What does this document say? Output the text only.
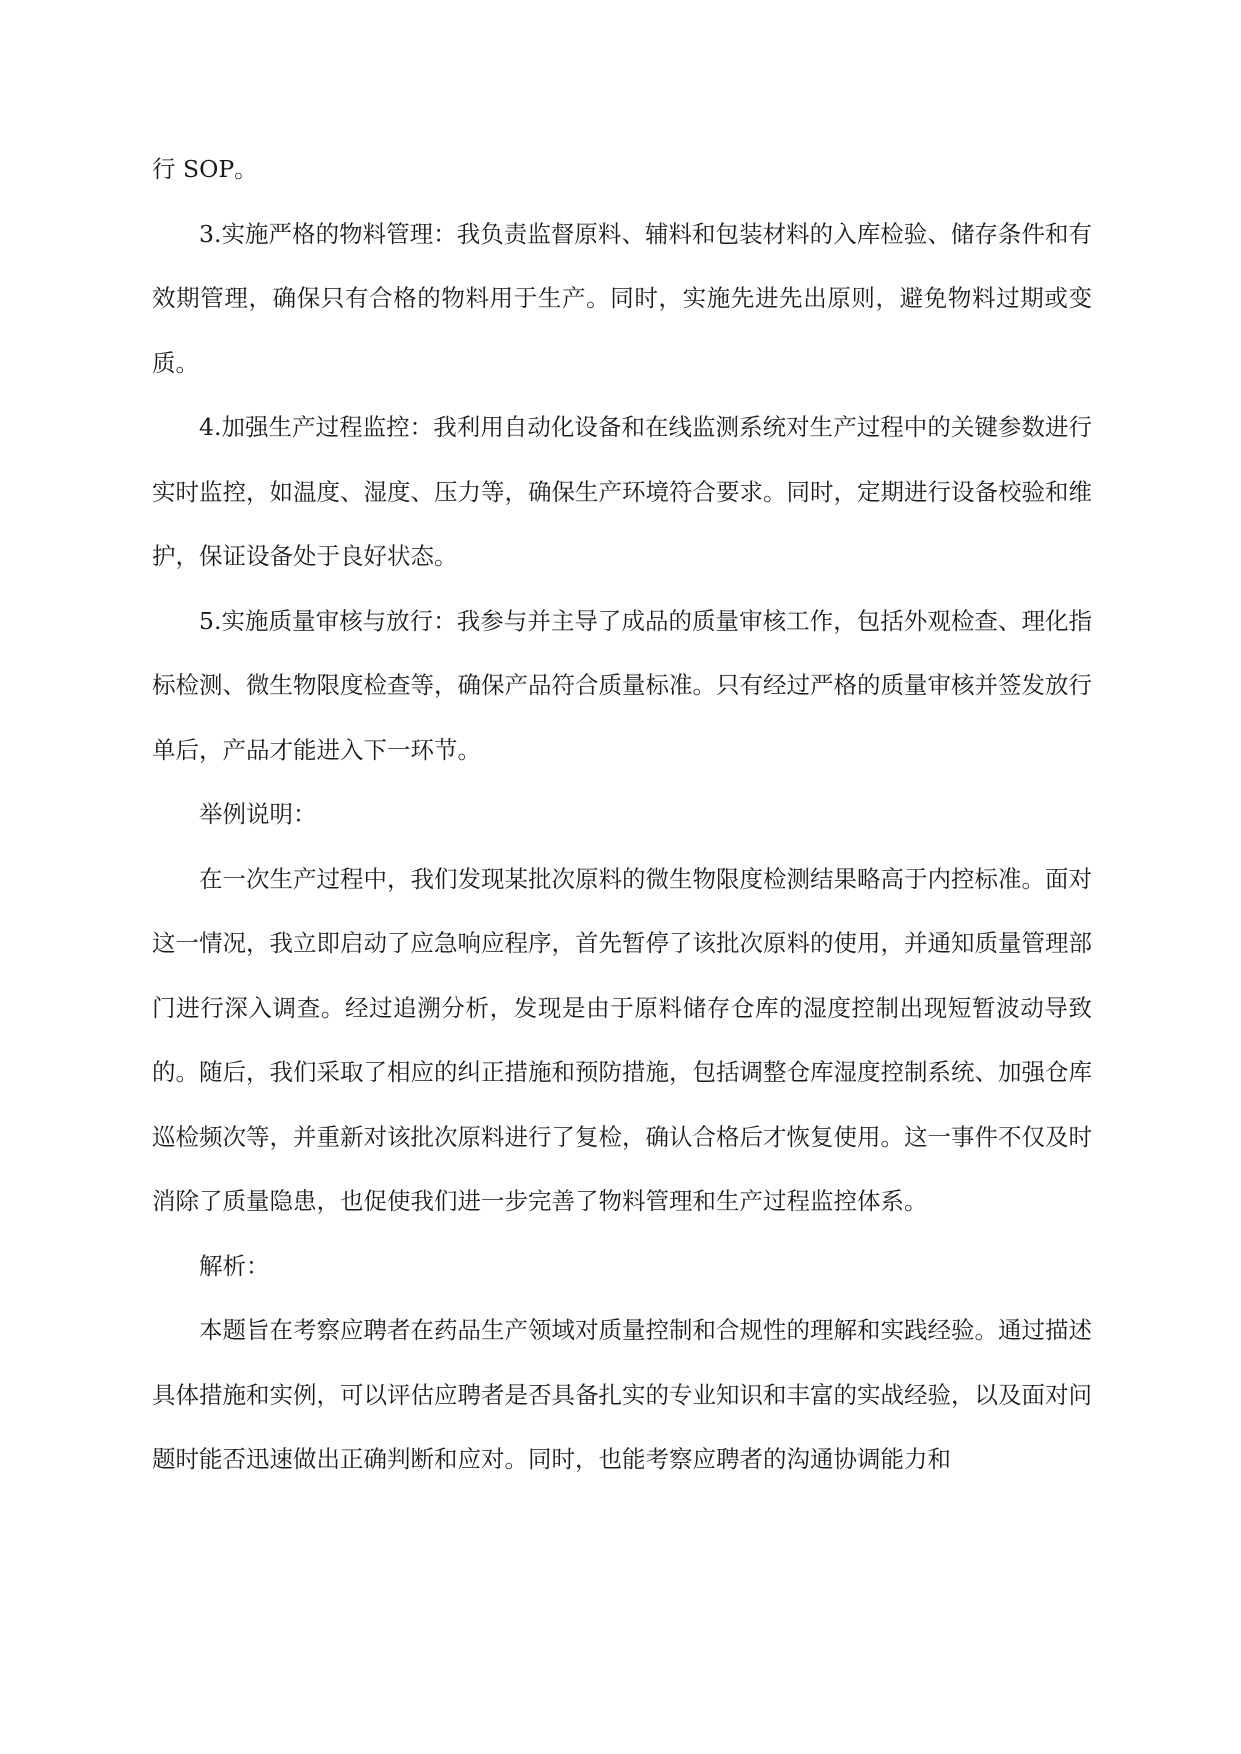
行 SOP。

3.实施严格的物料管理：我负责监督原料、辅料和包装材料的入库检验、储存条件和有效期管理，确保只有合格的物料用于生产。同时，实施先进先出原则，避免物料过期或变质。

4.加强生产过程监控：我利用自动化设备和在线监测系统对生产过程中的关键参数进行实时监控，如温度、湿度、压力等，确保生产环境符合要求。同时，定期进行设备校验和维护，保证设备处于良好状态。

5.实施质量审核与放行：我参与并主导了成品的质量审核工作，包括外观检查、理化指标检测、微生物限度检查等，确保产品符合质量标准。只有经过严格的质量审核并签发放行单后，产品才能进入下一环节。

举例说明：

在一次生产过程中，我们发现某批次原料的微生物限度检测结果略高于内控标准。面对这一情况，我立即启动了应急响应程序，首先暂停了该批次原料的使用，并通知质量管理部门进行深入调查。经过追溯分析，发现是由于原料储存仓库的湿度控制出现短暂波动导致的。随后，我们采取了相应的纠正措施和预防措施，包括调整仓库湿度控制系统、加强仓库巡检频次等，并重新对该批次原料进行了复检，确认合格后才恢复使用。这一事件不仅及时消除了质量隐患，也促使我们进一步完善了物料管理和生产过程监控体系。

解析：

本题旨在考察应聘者在药品生产领域对质量控制和合规性的理解和实践经验。通过描述具体措施和实例，可以评估应聘者是否具备扎实的专业知识和丰富的实战经验，以及面对问题时能否迅速做出正确判断和应对。同时，也能考察应聘者的沟通协调能力和
